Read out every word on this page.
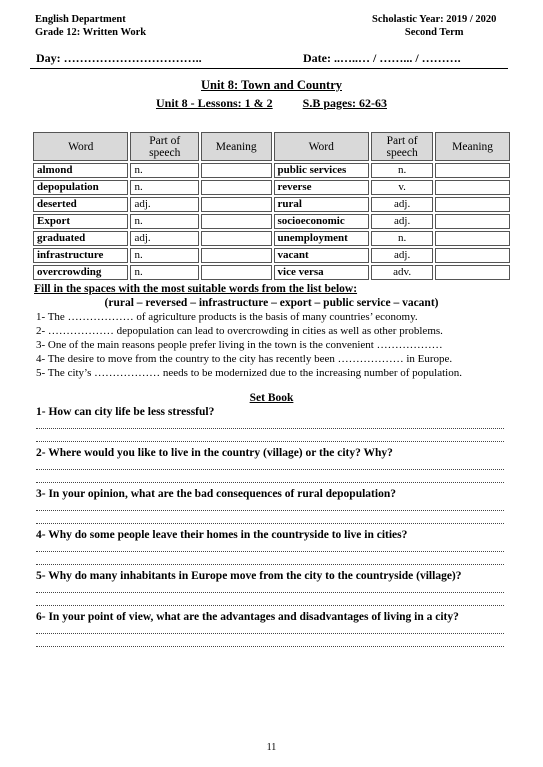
English Department
Grade 12: Written Work
Scholastic Year: 2019 / 2020
Second Term
Day: ……………………………..	Date: ..…..… / ……... / ……….
Unit 8: Town and Country
Unit 8 - Lessons: 1 & 2	S.B pages: 62-63
Word	Part of speech	Meaning	Word	Part of speech	Meaning
almond	n.		public services	n.	
depopulation	n.		reverse	v.	
deserted	adj.		rural	adj.	
Export	n.		socioeconomic	adj.	
graduated	adj.		unemployment	n.	
infrastructure	n.		vacant	adj.	
overcrowding	n.		vice versa	adv.	
Fill in the spaces with the most suitable words from the list below:
(rural – reversed – infrastructure – export – public service – vacant)
1- The ……………… of agriculture products is the basis of many countries’ economy.
2- ……………… depopulation can lead to overcrowding in cities as well as other problems.
3- One of the main reasons people prefer living in the town is the convenient ………………
4- The desire to move from the country to the city has recently been ……………… in Europe.
5- The city’s ……………… needs to be modernized due to the increasing number of population.
Set Book
1- How can city life be less stressful?
2- Where would you like to live in the country (village) or the city? Why?
3- In your opinion, what are the bad consequences of rural depopulation?
4- Why do some people leave their homes in the countryside to live in cities?
5- Why do many inhabitants in Europe move from the city to the countryside (village)?
6- In your point of view, what are the advantages and disadvantages of living in a city?
11
